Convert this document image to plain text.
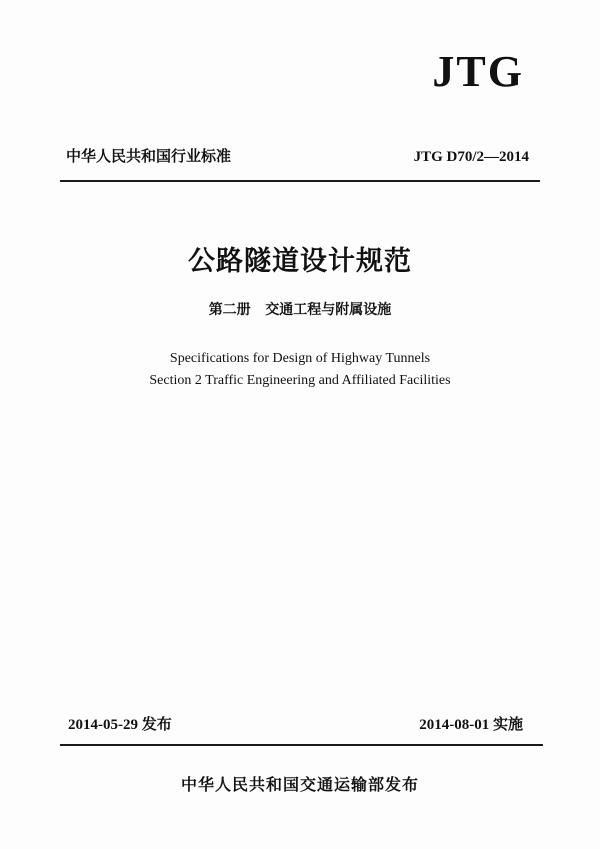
JTG
中华人民共和国行业标准	JTG D70/2—2014
公路隧道设计规范
第二册   交通工程与附属设施
Specifications for Design of Highway Tunnels
Section 2 Traffic Engineering and Affiliated Facilities
2014-05-29 发布	2014-08-01 实施
中华人民共和国交通运输部发布
